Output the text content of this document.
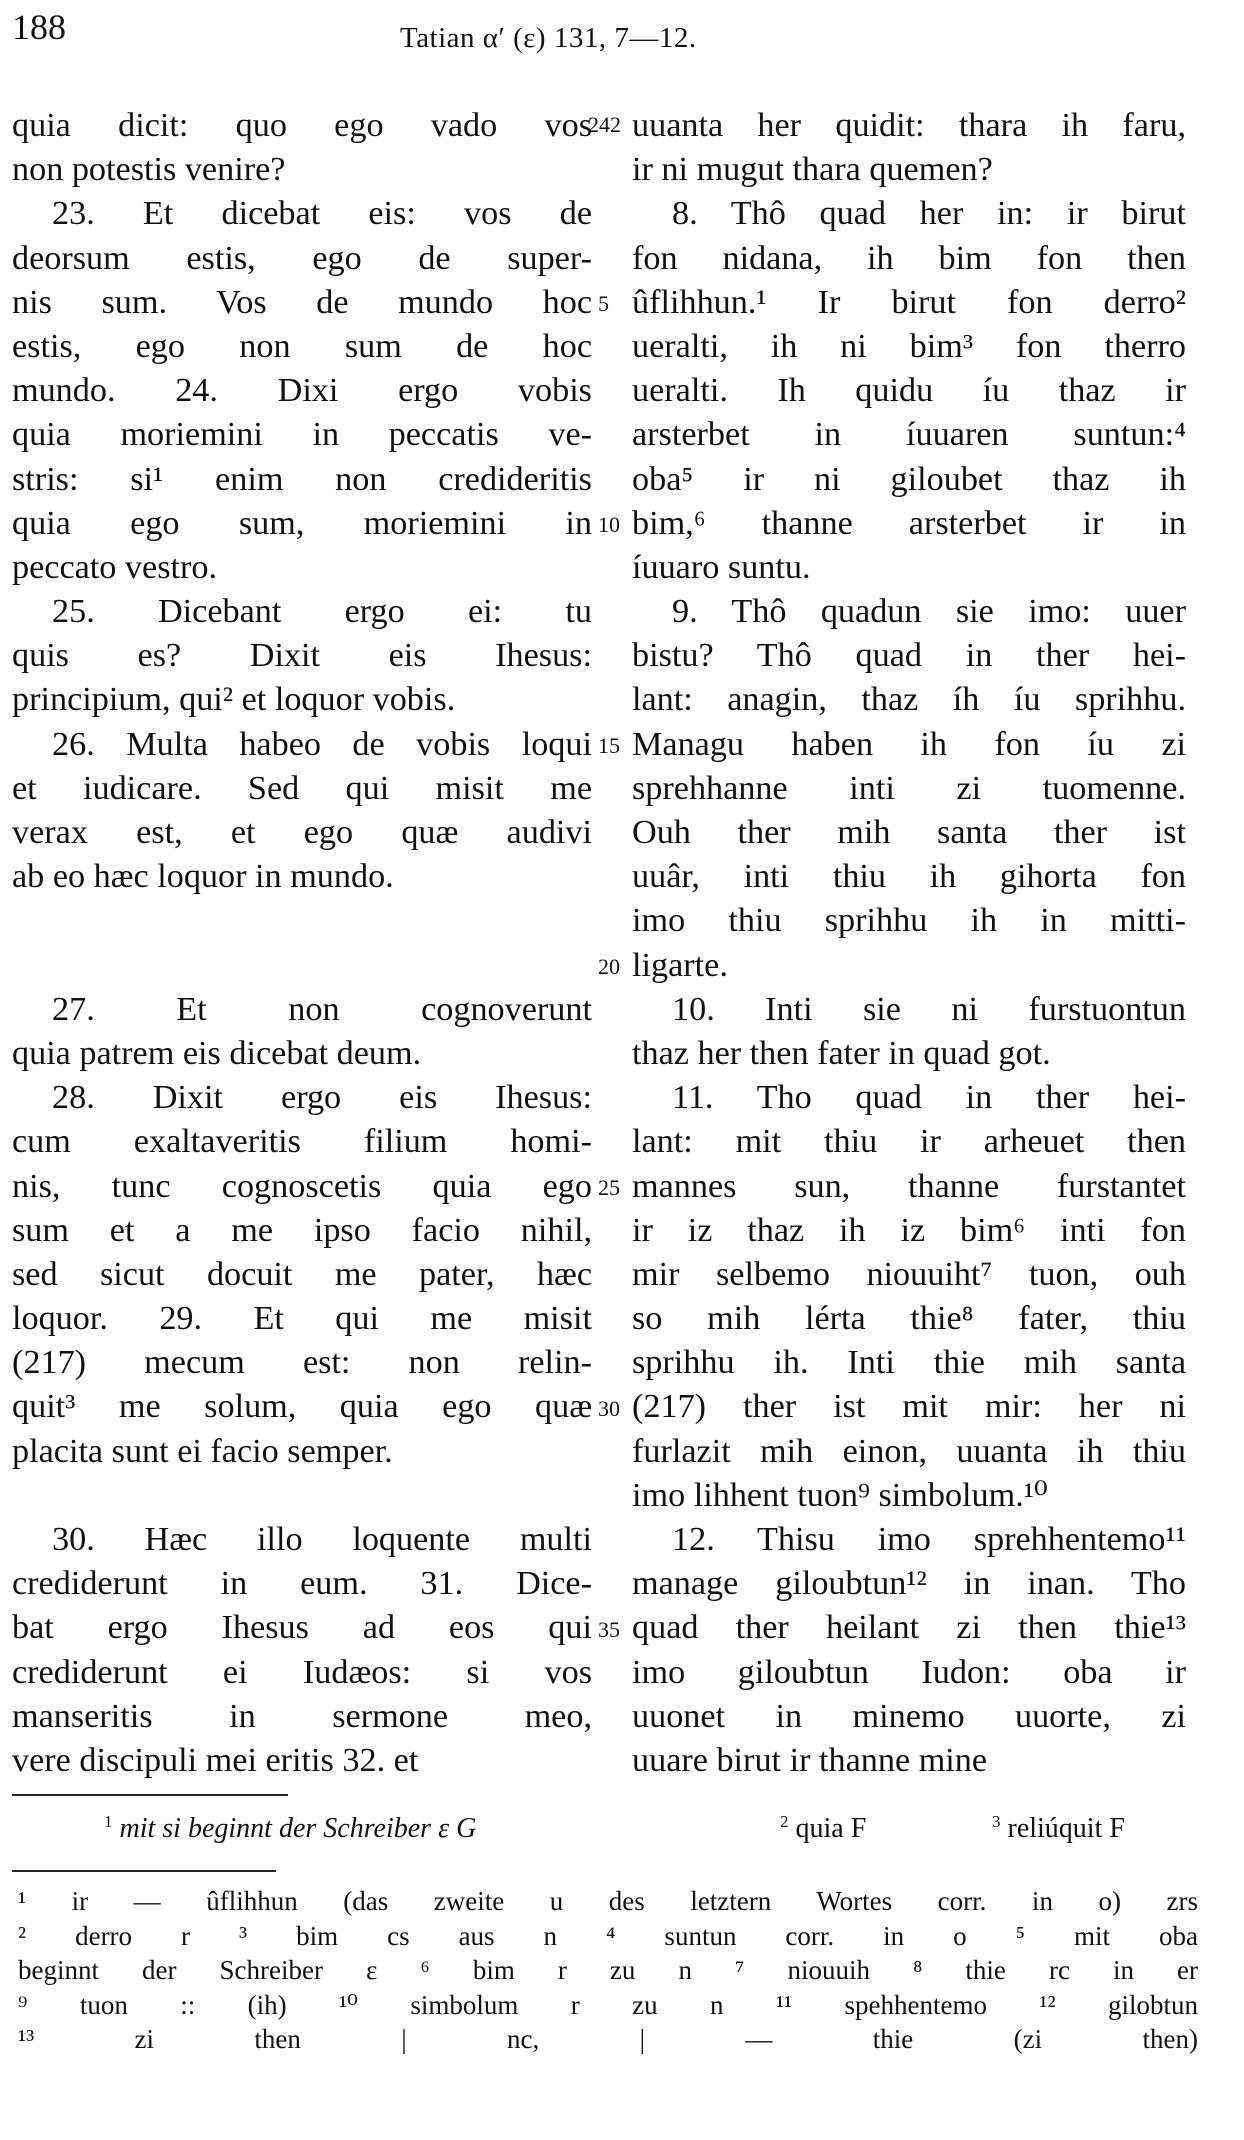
188	Tatian α′ (ε) 131, 7—12.
quia dicit: quo ego vado vos
non potestis venire?
23. Et dicebat eis: vos de
deorsum estis, ego de super-
nis sum. Vos de mundo hoc
estis, ego non sum de hoc
mundo. 24. Dixi ergo vobis
quia moriemini in peccatis ve-
stris: si¹ enim non credideritis
quia ego sum, moriemini in
peccato vestro.
25. Dicebant ergo ei: tu
quis es? Dixit eis Ihesus:
principium, qui² et loquor vobis.
26. Multa habeo de vobis loqui
et iudicare. Sed qui misit me
verax est, et ego quæ audivi
ab eo hæc loquor in mundo.
27. Et non cognoverunt
quia patrem eis dicebat deum.
28. Dixit ergo eis Ihesus:
cum exaltaveritis filium homi-
nis, tunc cognoscetis quia ego
sum et a me ipso facio nihil,
sed sicut docuit me pater, hæc
loquor. 29. Et qui me misit
(217) mecum est: non relin-
quit³ me solum, quia ego quæ
placita sunt ei facio semper.
30. Hæc illo loquente multi
crediderunt in eum. 31. Dice-
bat ergo Ihesus ad eos qui
crediderunt ei Iudæos: si vos
manseritis in sermone meo,
vere discipuli mei eritis 32. et
242
5
10
15
20
25
30
35
uuanta her quidit: thara ih faru,
ir ni mugut thara quemen?
8. Thô quad her in: ir birut
fon nidana, ih bim fon then
ûflihhun.¹ Ir birut fon derro²
ueralti, ih ni bim³ fon therro
ueralti. Ih quidu íu thaz ir
arsterbet in íuuaren suntun:⁴
oba⁵ ir ni giloubet thaz ih
bim,⁶ thanne arsterbet ir in
íuuaro suntu.
9. Thô quadun sie imo: uuer
bistu? Thô quad in ther hei-
lant: anagin, thaz íh íu sprihhu.
Managu haben ih fon íu zi
sprehhanne inti zi tuomenne.
Ouh ther mih santa ther ist
uuâr, inti thiu ih gihorta fon
imo thiu sprihhu ih in mitti-
ligarte.
10. Inti sie ni furstuontun
thaz her then fater in quad got.
11. Tho quad in ther hei-
lant: mit thiu ir arheuet then
mannes sun, thanne furstantet
ir iz thaz ih iz bim⁶ inti fon
mir selbemo niouuiht⁷ tuon, ouh
so mih lérta thie⁸ fater, thiu
sprihhu ih. Inti thie mih santa
(217) ther ist mit mir: her ni
furlazit mih einon, uuanta ih thiu
imo lihhent tuon⁹ simbolum.¹⁰
12. Thisu imo sprehhentemo¹¹
manage giloubtun¹² in inan. Tho
quad ther heilant zi then thie¹³
imo giloubtun Iudon: oba ir
uuonet in minemo uuorte, zi
uuare birut ir thanne mine
$^1$ mit si beginnt der Schreiber ε G	$^2$ quia F	$^3$ reliúquit F
¹ ir — ûflihhun (das zweite u des letztern Wortes corr. in o) zrs
² derro r ³ bim cs aus n ⁴ suntun corr. in o ⁵ mit oba
beginnt der Schreiber ε ⁶ bim r zu n ⁷ niouuih ⁸ thie rc in er
⁹ tuon :: (ih) ¹⁰ simbolum r zu n ¹¹ spehhentemo ¹² gilobtun
¹³ zi then | nc, | — thie (zi then)
